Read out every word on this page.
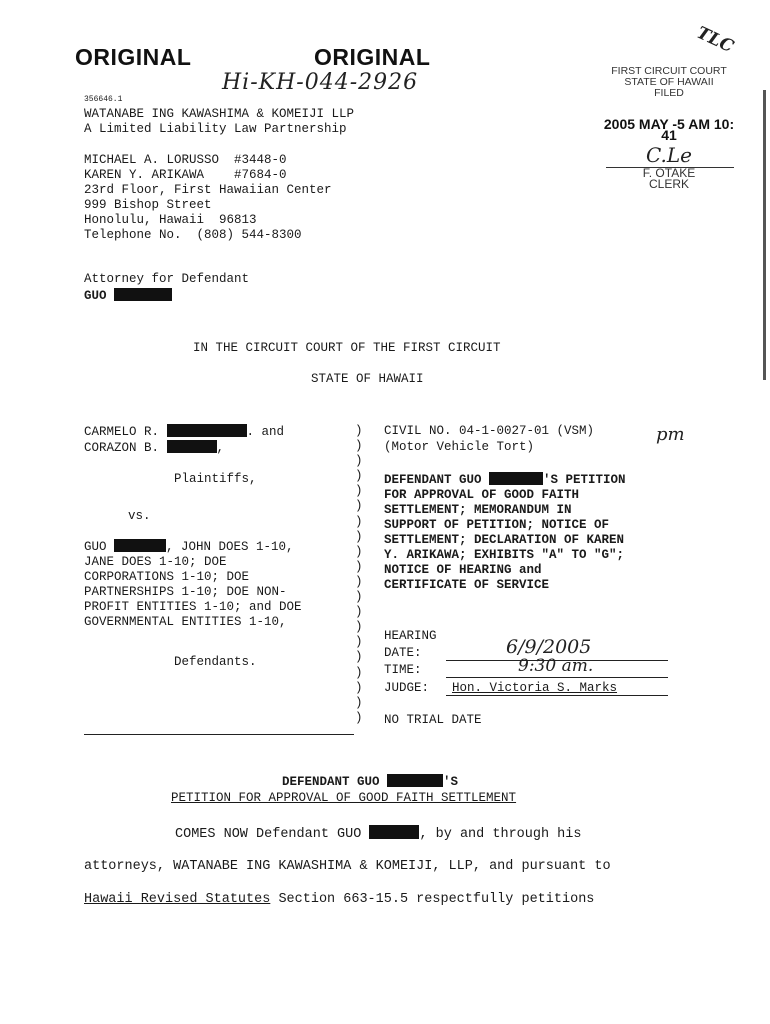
ORIGINAL	ORIGINAL
Hi-KH-044-2926
TLC
FIRST CIRCUIT COURT
STATE OF HAWAII
FILED
2005 MAY -5 AM 10: 41
C.Le
F. OTAKE
CLERK
356646.1
WATANABE ING KAWASHIMA & KOMEIJI LLP
A Limited Liability Law Partnership
MICHAEL A. LORUSSO  #3448-0
KAREN Y. ARIKAWA    #7684-0
23rd Floor, First Hawaiian Center
999 Bishop Street
Honolulu, Hawaii  96813
Telephone No.  (808) 544-8300
Attorney for Defendant
GUO
IN THE CIRCUIT COURT OF THE FIRST CIRCUIT
STATE OF HAWAII
CARMELO R.	. and
CORAZON B.	,
Plaintiffs,
vs.
GUO	, JOHN DOES 1-10,
JANE DOES 1-10; DOE
CORPORATIONS 1-10; DOE
PARTNERSHIPS 1-10; DOE NON-
PROFIT ENTITIES 1-10; and DOE
GOVERNMENTAL ENTITIES 1-10,
Defendants.
)
)
)
)
)
)
)
)
)
)
)
)
)
)
)
)
)
)
)
)
CIVIL NO. 04-1-0027-01 (VSM)
(Motor Vehicle Tort)
pm
DEFENDANT GUO	'S PETITION
FOR APPROVAL OF GOOD FAITH
SETTLEMENT; MEMORANDUM IN
SUPPORT OF PETITION; NOTICE OF
SETTLEMENT; DECLARATION OF KAREN
Y. ARIKAWA; EXHIBITS "A" TO "G";
NOTICE OF HEARING and
CERTIFICATE OF SERVICE
HEARING
DATE:	6/9/2005
TIME:	9:30 am.
JUDGE: Hon. Victoria S. Marks
NO TRIAL DATE
DEFENDANT GUO	'S
PETITION FOR APPROVAL OF GOOD FAITH SETTLEMENT
COMES NOW Defendant GUO	, by and through his
attorneys, WATANABE ING KAWASHIMA & KOMEIJI, LLP, and pursuant to
Hawaii Revised Statutes Section 663-15.5 respectfully petitions
